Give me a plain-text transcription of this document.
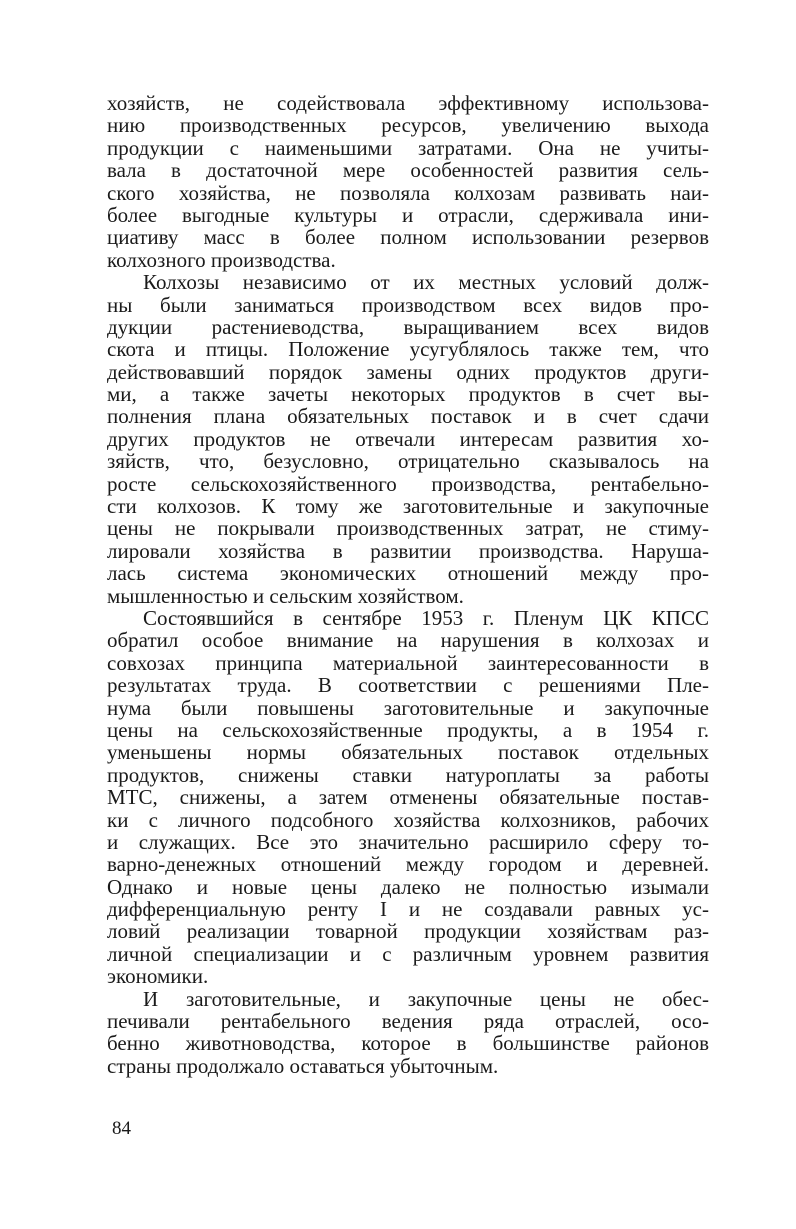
хозяйств, не содействовала эффективному использова-
нию производственных ресурсов, увеличению выхода
продукции с наименьшими затратами. Она не учиты-
вала в достаточной мере особенностей развития сель-
ского хозяйства, не позволяла колхозам развивать наи-
более выгодные культуры и отрасли, сдерживала ини-
циативу масс в более полном использовании резервов
колхозного производства.
Колхозы независимо от их местных условий долж-
ны были заниматься производством всех видов про-
дукции растениеводства, выращиванием всех видов
скота и птицы. Положение усугублялось также тем, что
действовавший порядок замены одних продуктов други-
ми, а также зачеты некоторых продуктов в счет вы-
полнения плана обязательных поставок и в счет сдачи
других продуктов не отвечали интересам развития хо-
зяйств, что, безусловно, отрицательно сказывалось на
росте сельскохозяйственного производства, рентабельно-
сти колхозов. К тому же заготовительные и закупочные
цены не покрывали производственных затрат, не стиму-
лировали хозяйства в развитии производства. Наруша-
лась система экономических отношений между про-
мышленностью и сельским хозяйством.
Состоявшийся в сентябре 1953 г. Пленум ЦК КПСС
обратил особое внимание на нарушения в колхозах и
совхозах принципа материальной заинтересованности в
результатах труда. В соответствии с решениями Пле-
нума были повышены заготовительные и закупочные
цены на сельскохозяйственные продукты, а в 1954 г.
уменьшены нормы обязательных поставок отдельных
продуктов, снижены ставки натуроплаты за работы
МТС, снижены, а затем отменены обязательные постав-
ки с личного подсобного хозяйства колхозников, рабочих
и служащих. Все это значительно расширило сферу то-
варно-денежных отношений между городом и деревней.
Однако и новые цены далеко не полностью изымали
дифференциальную ренту I и не создавали равных ус-
ловий реализации товарной продукции хозяйствам раз-
личной специализации и с различным уровнем развития
экономики.
И заготовительные, и закупочные цены не обес-
печивали рентабельного ведения ряда отраслей, осо-
бенно животноводства, которое в большинстве районов
страны продолжало оставаться убыточным.
84
